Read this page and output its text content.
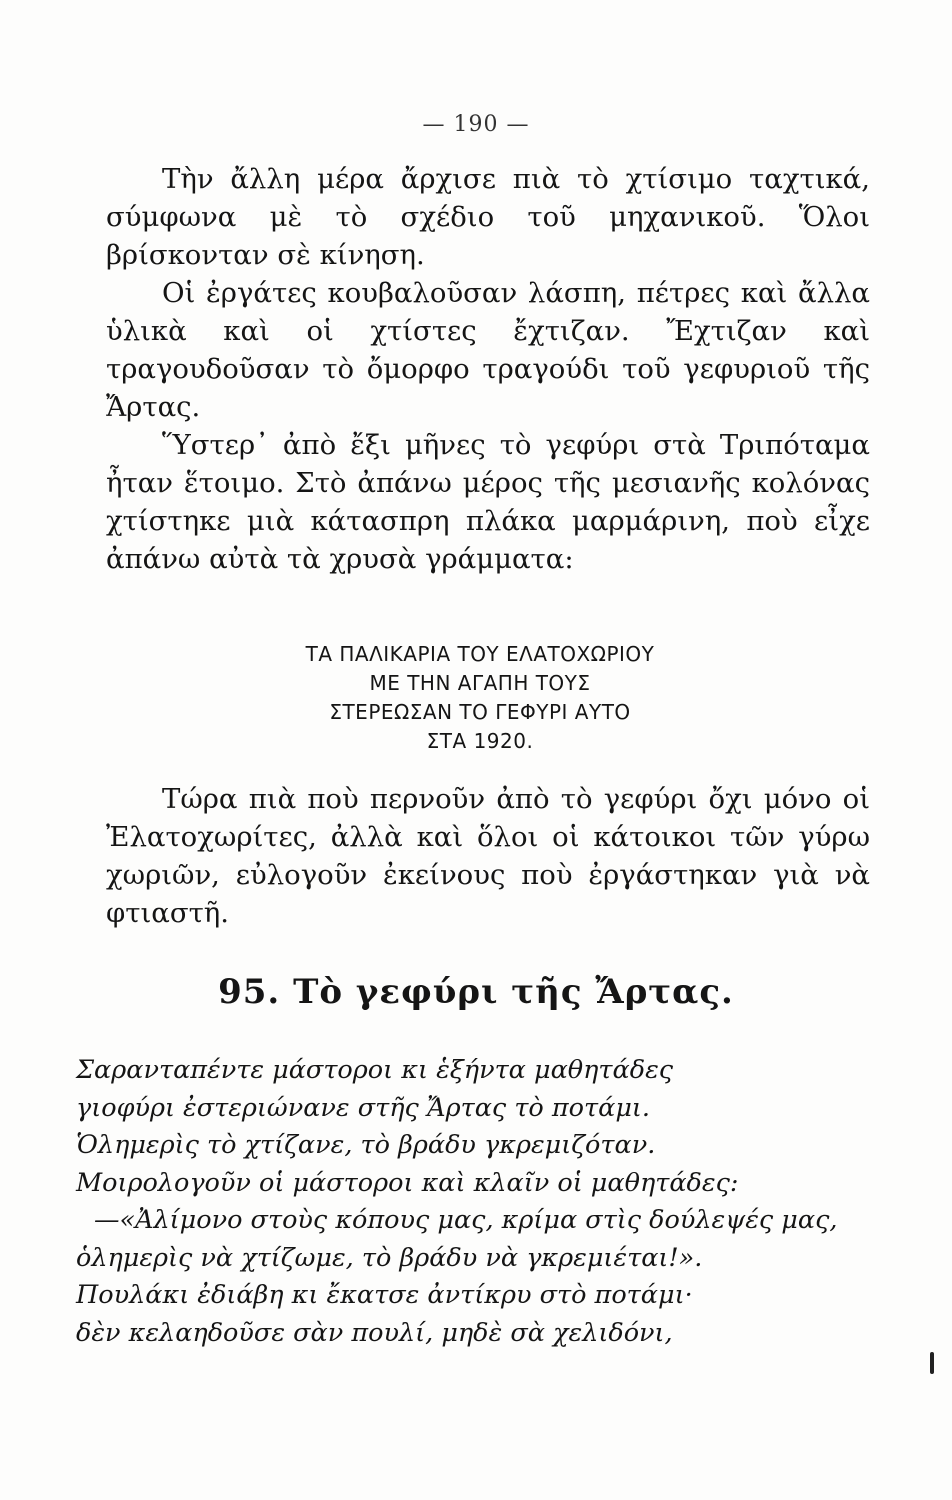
— 190 —

Τὴν ἄλλη μέρα ἄρχισε πιὰ τὸ χτίσιμο ταχτικά, σύμφωνα μὲ τὸ σχέδιο τοῦ μηχανικοῦ. Ὅλοι βρίσκονταν σὲ κίνηση.

Οἱ ἐργάτες κουβαλοῦσαν λάσπη, πέτρες καὶ ἄλλα ὑλικὰ καὶ οἱ χτίστες ἔχτιζαν. Ἔχτιζαν καὶ τραγουδοῦσαν τὸ ὄμορφο τραγούδι τοῦ γεφυριοῦ τῆς Ἄρτας.

Ὕστερ᾽ ἀπὸ ἔξι μῆνες τὸ γεφύρι στὰ Τριπόταμα ἦταν ἕτοιμο. Στὸ ἀπάνω μέρος τῆς μεσιανῆς κολόνας χτίστηκε μιὰ κάτασπρη πλάκα μαρμάρινη, ποὺ εἶχε ἀπάνω αὐτὰ τὰ χρυσὰ γράμματα:

ΤΑ ΠΑΛΙΚΑΡΙΑ ΤΟΥ ΕΛΑΤΟΧΩΡΙΟΥ
ΜΕ ΤΗΝ ΑΓΑΠΗ ΤΟΥΣ
ΣΤΕΡΕΩΣΑΝ ΤΟ ΓΕΦΥΡΙ ΑΥΤΟ
ΣΤΑ 1920.

Τώρα πιὰ ποὺ περνοῦν ἀπὸ τὸ γεφύρι ὄχι μόνο οἱ Ἐλατοχωρίτες, ἀλλὰ καὶ ὅλοι οἱ κάτοικοι τῶν γύρω χωριῶν, εὐλογοῦν ἐκείνους ποὺ ἐργάστηκαν γιὰ νὰ φτιαστῆ.

95. Τὸ γεφύρι τῆς Ἄρτας.
Σαρανταπέντε μάστοροι κι ἑξήντα μαθητάδες
γιοφύρι ἐστεριώνανε στῆς Ἄρτας τὸ ποτάμι.
Ὁλημερὶς τὸ χτίζανε, τὸ βράδυ γκρεμιζόταν.
Μοιρολογοῦν οἱ μάστοροι καὶ κλαῖν οἱ μαθητάδες:
—«Ἀλίμονο στοὺς κόπους μας, κρίμα στὶς δούλεψές μας,
ὁλημερὶς νὰ χτίζωμε, τὸ βράδυ νὰ γκρεμιέται!».
Πουλάκι ἐδιάβη κι ἔκατσε ἀντίκρυ στὸ ποτάμι·
δὲν κελαηδοῦσε σὰν πουλί, μηδὲ σὰ χελιδόνι,
